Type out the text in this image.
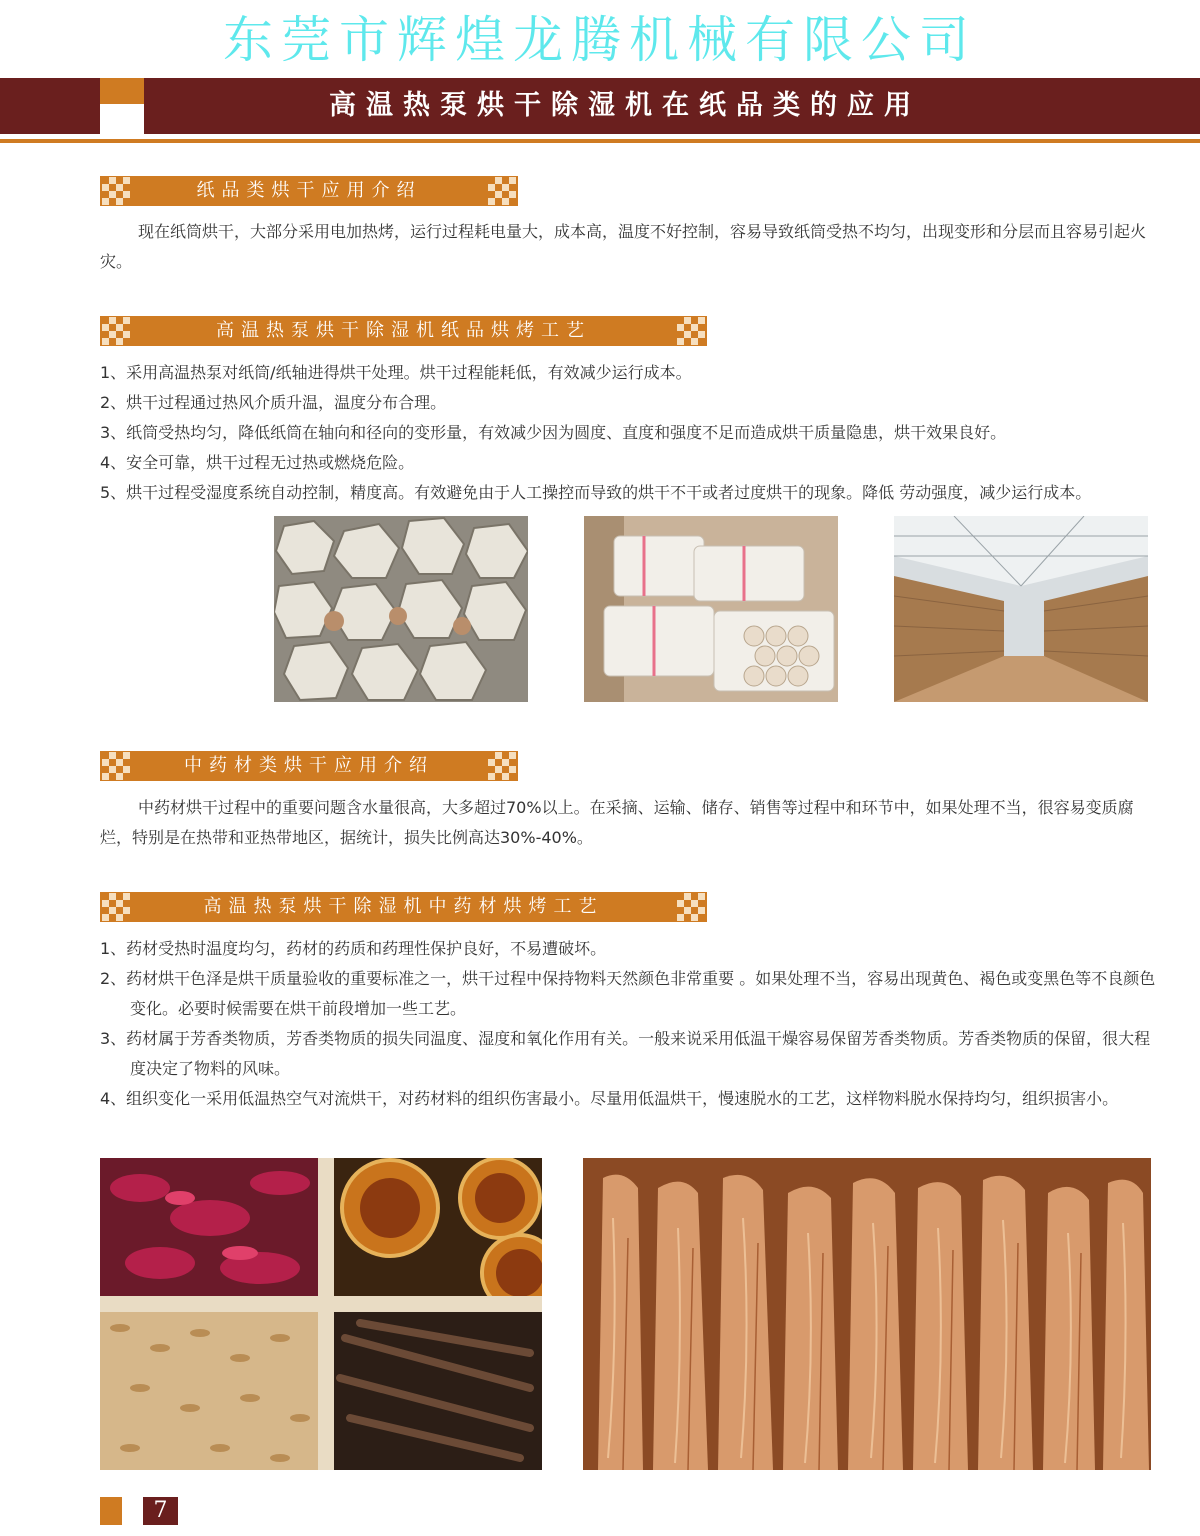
东莞市辉煌龙腾机械有限公司
高温热泵烘干除湿机在纸品类的应用
纸品类烘干应用介绍
现在纸筒烘干，大部分采用电加热烤，运行过程耗电量大，成本高，温度不好控制，容易导致纸筒受热不均匀，出现变形和分层而且容易引起火灾。
高温热泵烘干除湿机纸品烘烤工艺
1、采用高温热泵对纸筒/纸轴进得烘干处理。烘干过程能耗低，有效减少运行成本。
2、烘干过程通过热风介质升温，温度分布合理。
3、纸筒受热均匀，降低纸筒在轴向和径向的变形量，有效减少因为圆度、直度和强度不足而造成烘干质量隐患，烘干效果良好。
4、安全可靠，烘干过程无过热或燃烧危险。
5、烘干过程受湿度系统自动控制，精度高。有效避免由于人工操控而导致的烘干不干或者过度烘干的现象。降低 劳动强度，减少运行成本。
中药材类烘干应用介绍
中药材烘干过程中的重要问题含水量很高，大多超过70%以上。在采摘、运输、储存、销售等过程中和环节中，如果处理不当，很容易变质腐烂，特别是在热带和亚热带地区，据统计，损失比例高达30%-40%。
高温热泵烘干除湿机中药材烘烤工艺
1、药材受热时温度均匀，药材的药质和药理性保护良好，不易遭破坏。
2、药材烘干色泽是烘干质量验收的重要标准之一，烘干过程中保持物料天然颜色非常重要 。如果处理不当，容易出现黄色、褐色或变黑色等不良颜色变化。必要时候需要在烘干前段增加一些工艺。
3、药材属于芳香类物质，芳香类物质的损失同温度、湿度和氧化作用有关。一般来说采用低温干燥容易保留芳香类物质。芳香类物质的保留，很大程度决定了物料的风味。
4、组织变化一采用低温热空气对流烘干，对药材料的组织伤害最小。尽量用低温烘干，慢速脱水的工艺，这样物料脱水保持均匀，组织损害小。
7
